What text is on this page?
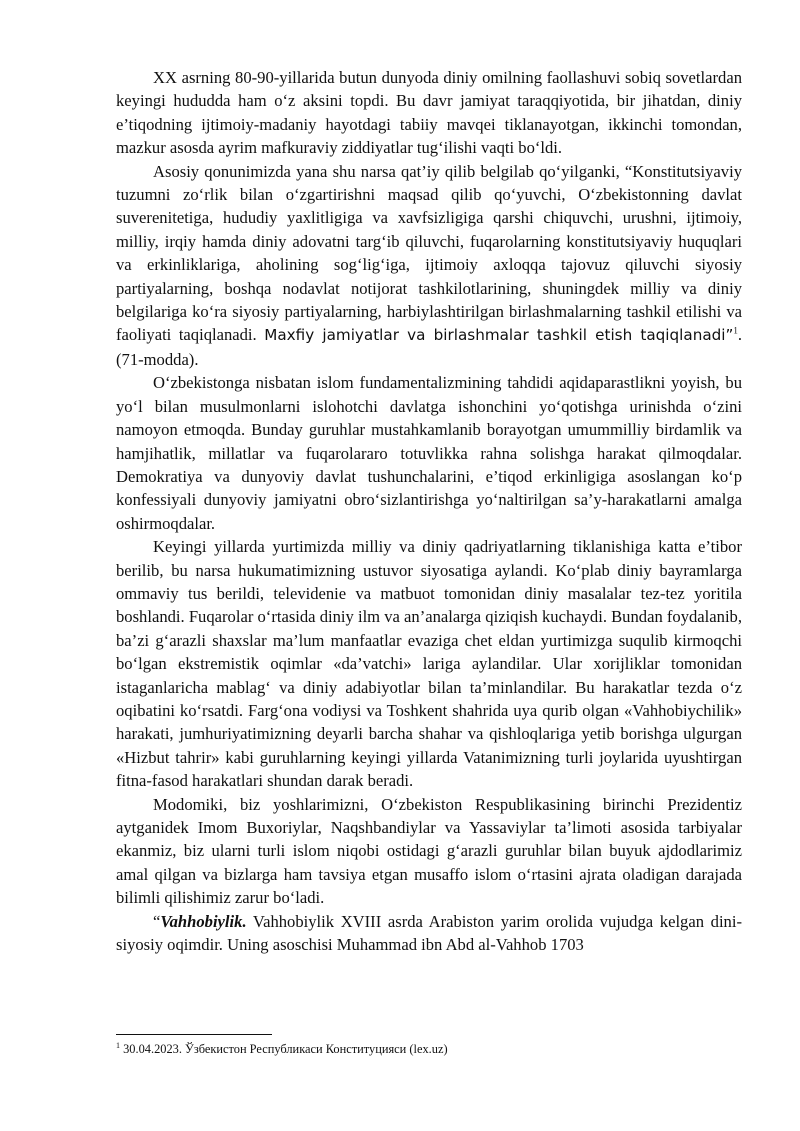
XX asrning 80-90-yillarida butun dunyoda diniy omilning faollashuvi sobiq sovetlardan keyingi hududda ham o‘z aksini topdi. Bu davr jamiyat taraqqiyotida, bir jihatdan, diniy e’tiqodning ijtimoiy-madaniy hayotdagi tabiiy mavqei tiklanayotgan, ikkinchi tomondan, mazkur asosda ayrim mafkuraviy ziddiyatlar tug‘ilishi vaqti bo‘ldi.

Asosiy qonunimizda yana shu narsa qat’iy qilib belgilab qo‘yilganki, “Konstitutsiyaviy tuzumni zo‘rlik bilan o‘zgartirishni maqsad qilib qo‘yuvchi, O‘zbekistonning davlat suverenitetiga, hududiy yaxlitligiga va xavfsizligiga qarshi chiquvchi, urushni, ijtimoiy, milliy, irqiy hamda diniy adovatni targ‘ib qiluvchi, fuqarolarning konstitutsiyaviy huquqlari va erkinliklariga, aholining sog‘lig‘iga, ijtimoiy axloqqa tajovuz qiluvchi siyosiy partiyalarning, boshqa nodavlat notijorat tashkilotlarining, shuningdek milliy va diniy belgilariga ko‘ra siyosiy partiyalarning, harbiylashtirilgan birlashmalarning tashkil etilishi va faoliyati taqiqlanadi. Maxfiy jamiyatlar va birlashmalar tashkil etish taqiqlanadi”$^1$. (71-modda).

O‘zbekistonga nisbatan islom fundamentalizmining tahdidi aqidaparastlikni yoyish, bu yo‘l bilan musulmonlarni islohotchi davlatga ishonchini yo‘qotishga urinishda o‘zini namoyon etmoqda. Bunday guruhlar mustahkamlanib borayotgan umummilliy birdamlik va hamjihatlik, millatlar va fuqarolararo totuvlikka rahna solishga harakat qilmoqdalar. Demokratiya va dunyoviy davlat tushunchalarini, e’tiqod erkinligiga asoslangan ko‘p konfessiyali dunyoviy jamiyatni obro‘sizlantirishga yo‘naltirilgan sa’y-harakatlarni amalga oshirmoqdalar.

Keyingi yillarda yurtimizda milliy va diniy qadriyatlarning tiklanishiga katta e’tibor berilib, bu narsa hukumatimizning ustuvor siyosatiga aylandi. Ko‘plab diniy bayramlarga ommaviy tus berildi, televidenie va matbuot tomonidan diniy masalalar tez-tez yoritila boshlandi. Fuqarolar o‘rtasida diniy ilm va an’analarga qiziqish kuchaydi. Bundan foydalanib, ba’zi g‘arazli shaxslar ma’lum manfaatlar evaziga chet eldan yurtimizga suqulib kirmoqchi bo‘lgan ekstremistik oqimlar «da’vatchi» lariga aylandilar. Ular xorijliklar tomonidan istaganlaricha mablag‘ va diniy adabiyotlar bilan ta’minlandilar. Bu harakatlar tezda o‘z oqibatini ko‘rsatdi. Farg‘ona vodiysi va Toshkent shahrida uya qurib olgan «Vahhobiychilik» harakati, jumhuriyatimizning deyarli barcha shahar va qishloqlariga yetib borishga ulgurgan «Hizbut tahrir» kabi guruhlarning keyingi yillarda Vatanimizning turli joylarida uyushtirgan fitna-fasod harakatlari shundan darak beradi.

Modomiki, biz yoshlarimizni, O‘zbekiston Respublikasining birinchi Prezidentiz aytganidek Imom Buxoriylar, Naqshbandiylar va Yassaviylar ta’limoti asosida tarbiyalar ekanmiz, biz ularni turli islom niqobi ostidagi g‘arazli guruhlar bilan buyuk ajdodlarimiz amal qilgan va bizlarga ham tavsiya etgan musaffo islom o‘rtasini ajrata oladigan darajada bilimli qilishimiz zarur bo‘ladi.

“Vahhobiylik. Vahhobiylik XVIII asrda Arabiston yarim orolida vujudga kelgan dini-siyosiy oqimdir. Uning asoschisi Muhammad ibn Abd al-Vahhob 1703

$^1$ 30.04.2023. Ўзбекистон Республикаси Конституцияси (lex.uz)
